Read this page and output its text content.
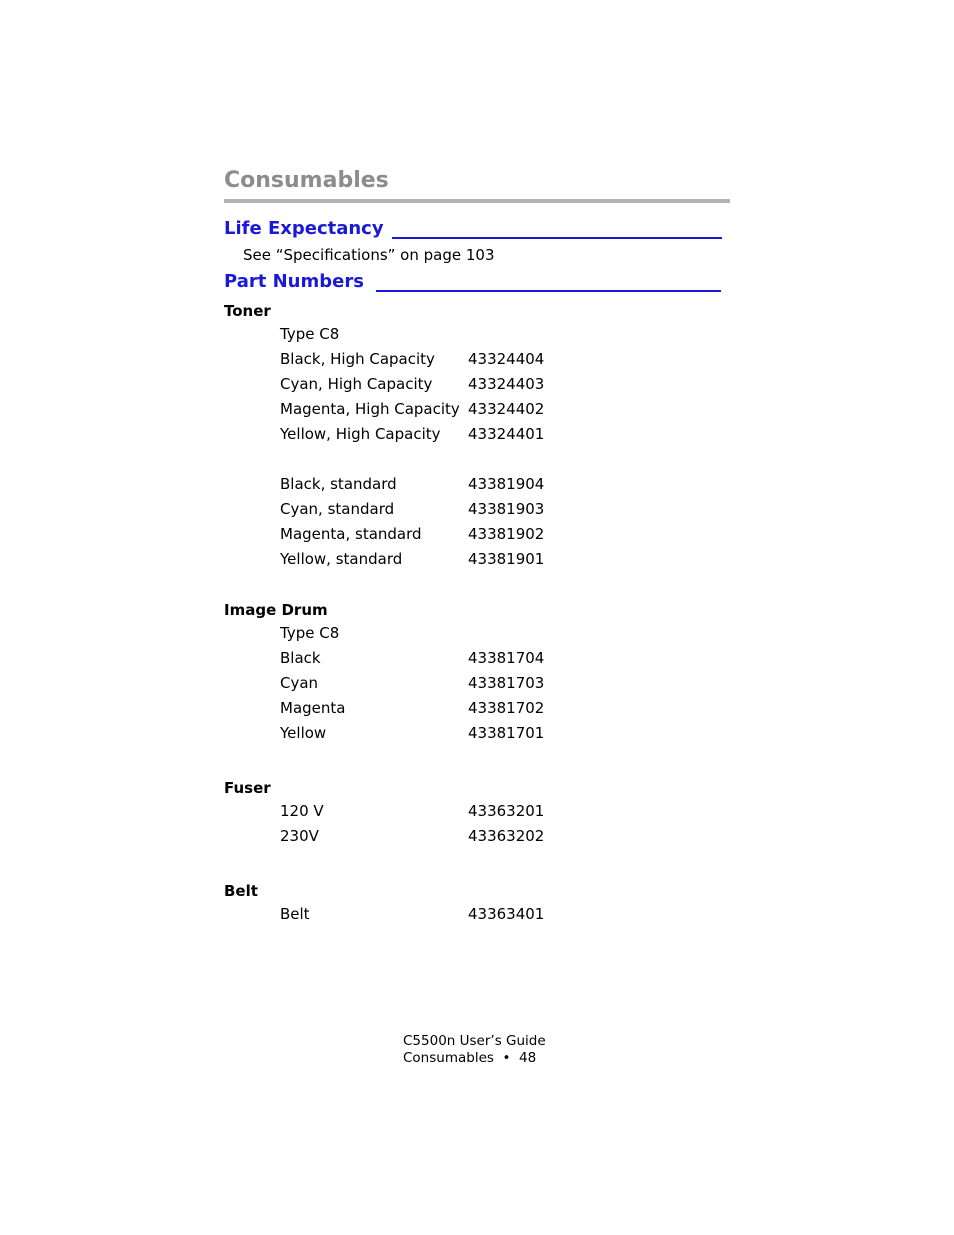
Consumables
Life Expectancy
See “Specifications” on page 103
Part Numbers
Toner
Type C8
Black, High Capacity 43324404
Cyan, High Capacity 43324403
Magenta, High Capacity 43324402
Yellow, High Capacity 43324401
Black, standard	43381904
Cyan, standard	43381903
Magenta, standard	43381902
Yellow, standard	43381901
Image Drum
Type C8
Black	43381704
Cyan	43381703
Magenta	43381702
Yellow	43381701
Fuser
120 V	43363201
230V	43363202
Belt
Belt	43363401
C5500n User’s Guide
Consumables  •  48
